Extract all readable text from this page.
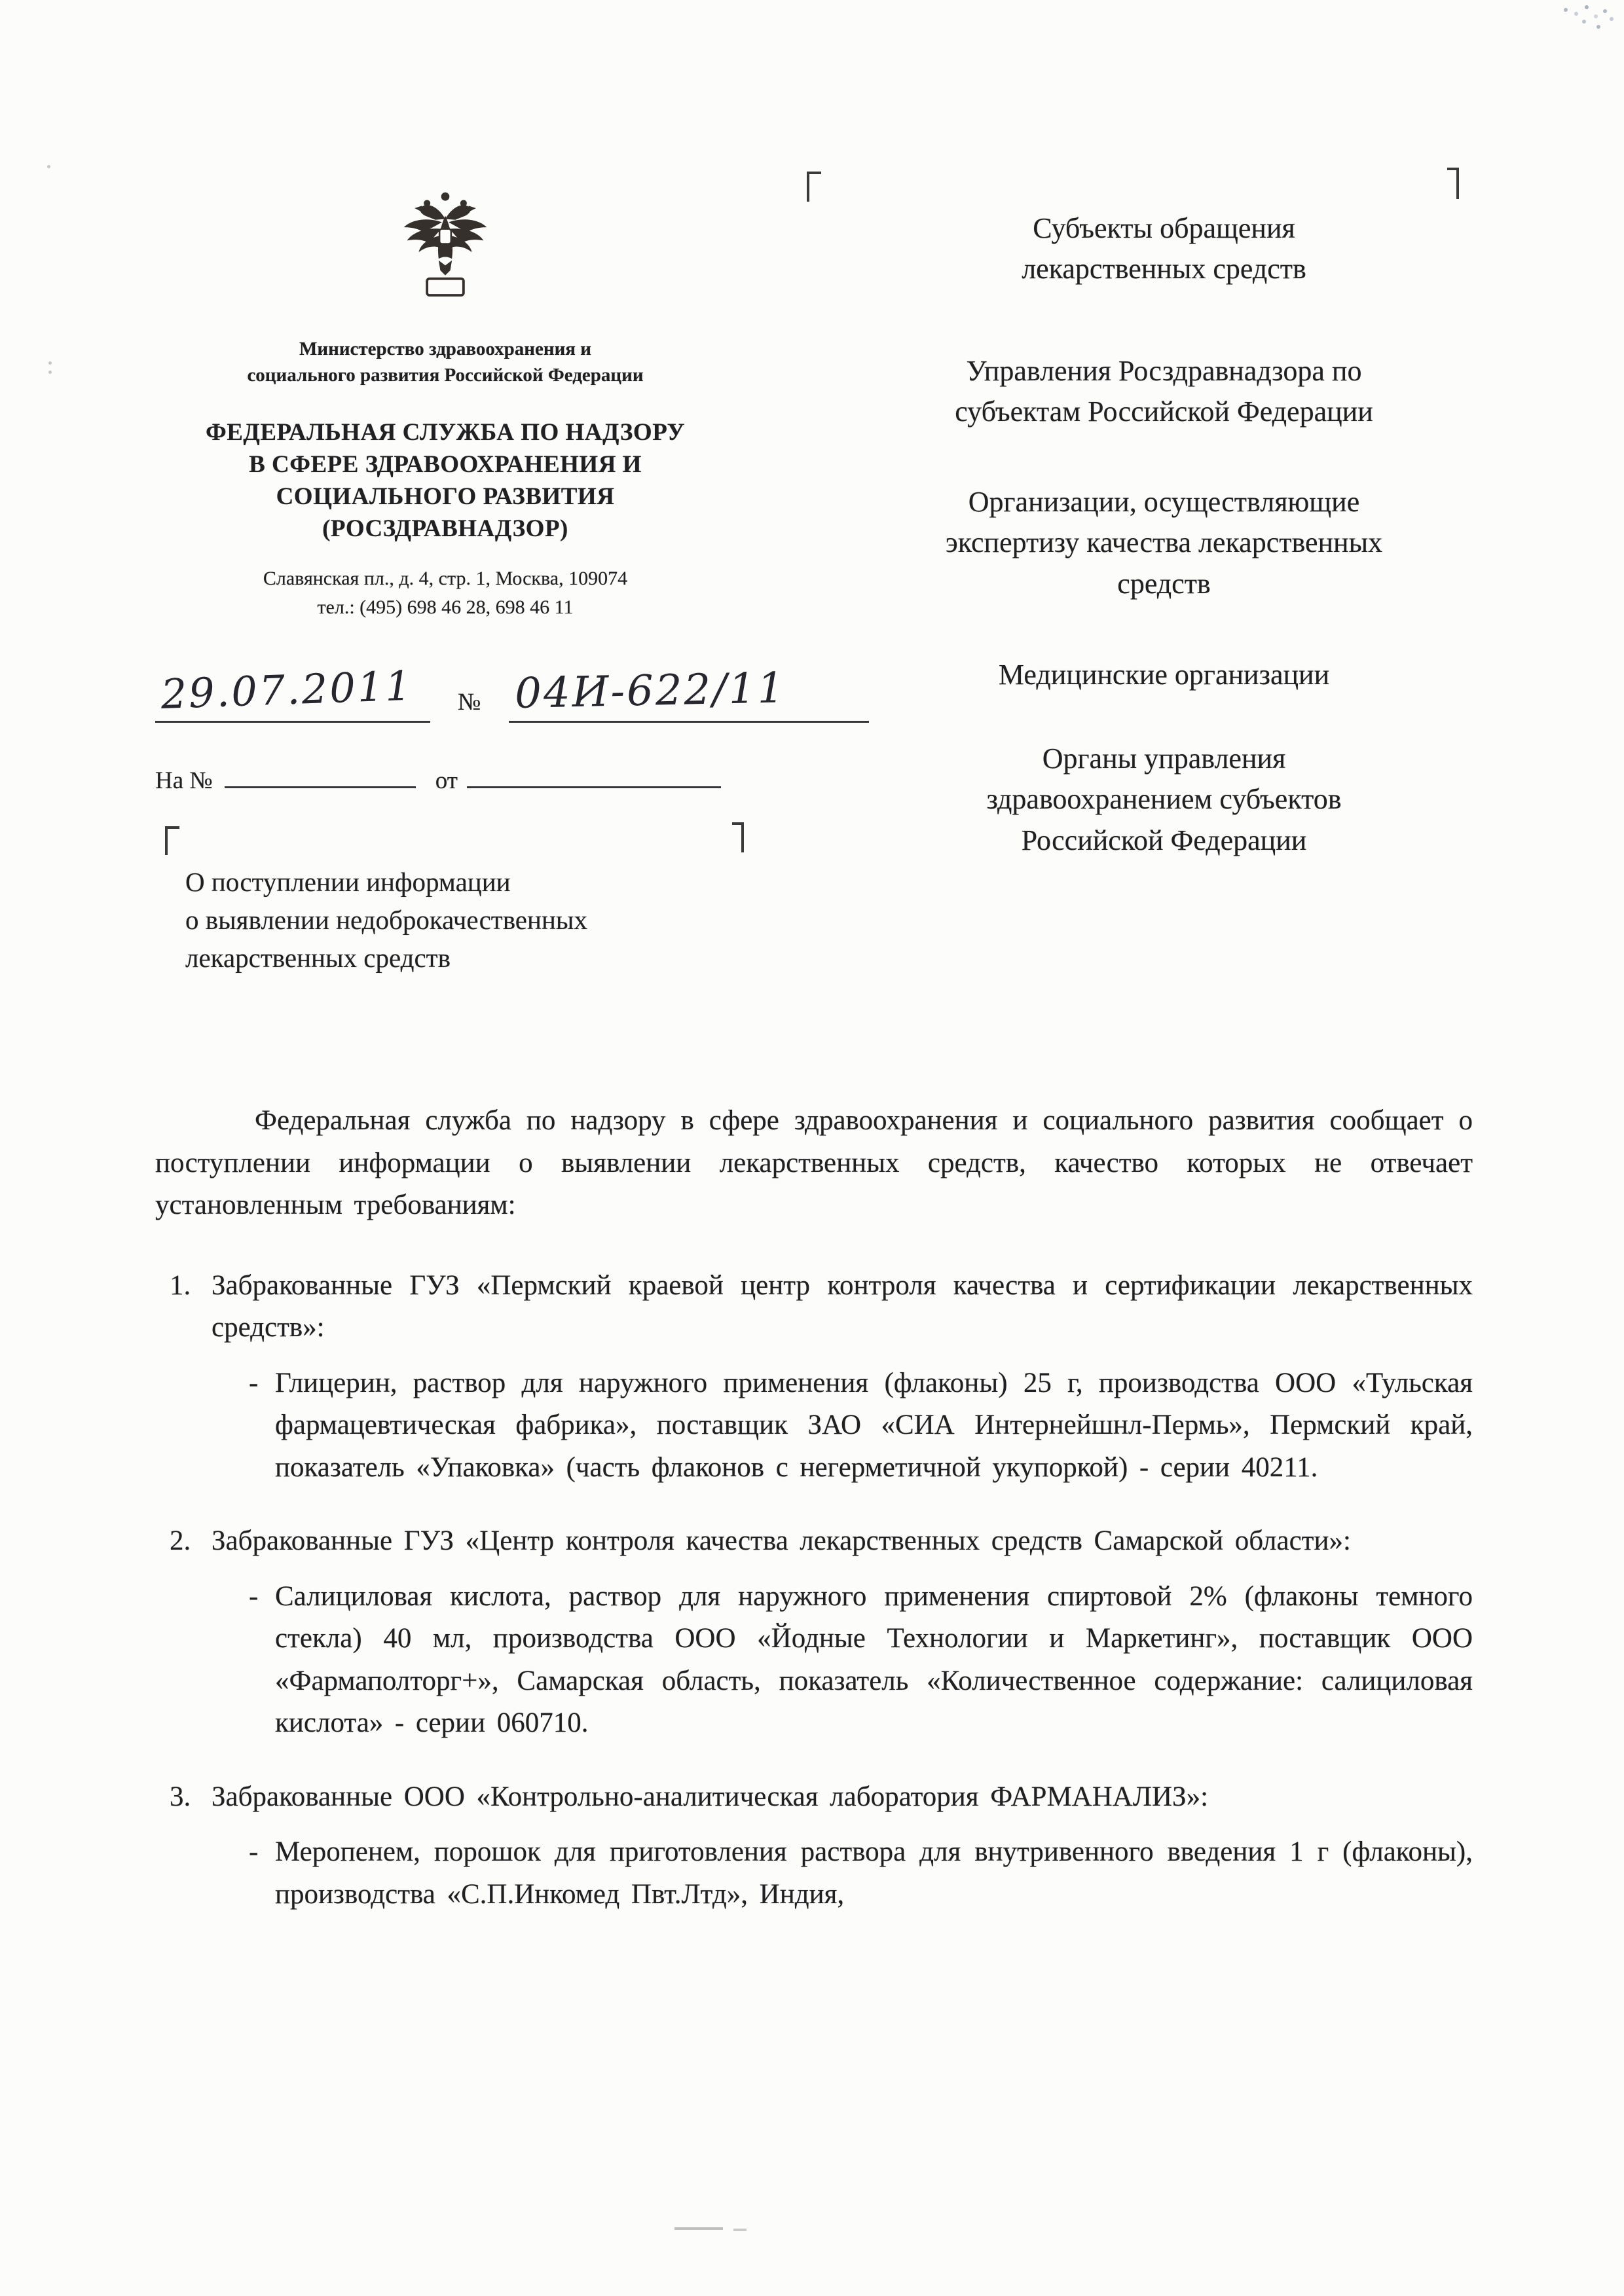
Министерство здравоохранения и
социального развития Российской Федерации
ФЕДЕРАЛЬНАЯ СЛУЖБА ПО НАДЗОРУ
В СФЕРЕ ЗДРАВООХРАНЕНИЯ И
СОЦИАЛЬНОГО РАЗВИТИЯ
(РОСЗДРАВНАДЗОР)
Славянская пл., д. 4, стр. 1, Москва, 109074
тел.: (495) 698 46 28, 698 46 11
29.07.2011 № 04И-622/11
На №	от
О поступлении информации
о выявлении недоброкачественных
лекарственных средств
Субъекты обращения
лекарственных средств
Управления Росздравнадзора по
субъектам Российской Федерации
Организации, осуществляющие
экспертизу качества лекарственных
средств
Медицинские организации
Органы управления
здравоохранением субъектов
Российской Федерации

Федеральная служба по надзору в сфере здравоохранения и социального развития сообщает о поступлении информации о выявлении лекарственных средств, качество которых не отвечает установленным требованиям:

1. Забракованные ГУЗ «Пермский краевой центр контроля качества и сертификации лекарственных средств»:
- Глицерин, раствор для наружного применения (флаконы) 25 г, производства ООО «Тульская фармацевтическая фабрика», поставщик ЗАО «СИА Интернейшнл-Пермь», Пермский край, показатель «Упаковка» (часть флаконов с негерметичной укупоркой) - серии 40211.
2. Забракованные ГУЗ «Центр контроля качества лекарственных средств Самарской области»:
- Салициловая кислота, раствор для наружного применения спиртовой 2% (флаконы темного стекла) 40 мл, производства ООО «Йодные Технологии и Маркетинг», поставщик ООО «Фармаполторг+», Самарская область, показатель «Количественное содержание: салициловая кислота» - серии 060710.
3. Забракованные ООО «Контрольно-аналитическая лаборатория ФАРМАНАЛИЗ»:
- Меропенем, порошок для приготовления раствора для внутривенного введения 1 г (флаконы), производства «С.П.Инкомед Пвт.Лтд», Индия,
